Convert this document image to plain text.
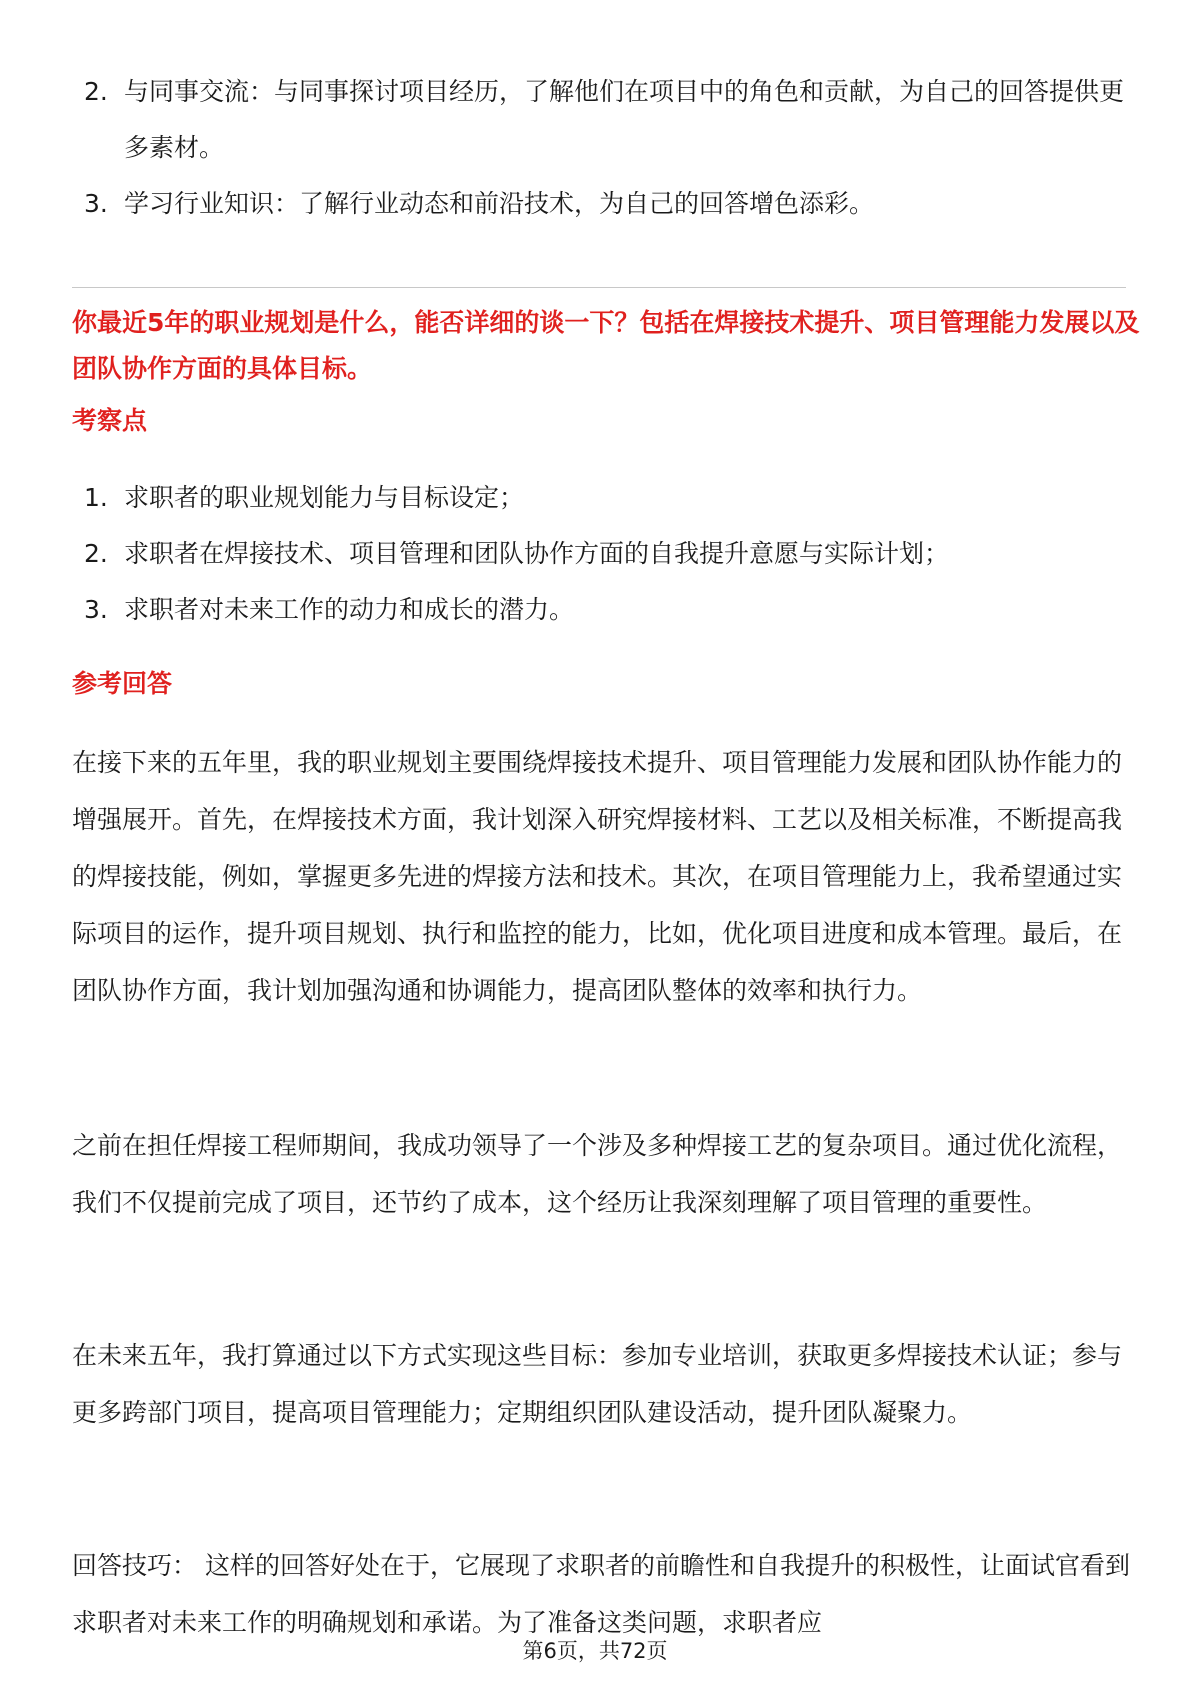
2. 与同事交流：与同事探讨项目经历，了解他们在项目中的角色和贡献，为自己的回答提供更多素材。
3. 学习行业知识：了解行业动态和前沿技术，为自己的回答增色添彩。
你最近5年的职业规划是什么，能否详细的谈一下？包括在焊接技术提升、项目管理能力发展以及团队协作方面的具体目标。
考察点
1. 求职者的职业规划能力与目标设定；
2. 求职者在焊接技术、项目管理和团队协作方面的自我提升意愿与实际计划；
3. 求职者对未来工作的动力和成长的潜力。
参考回答

在接下来的五年里，我的职业规划主要围绕焊接技术提升、项目管理能力发展和团队协作能力的增强展开。首先，在焊接技术方面，我计划深入研究焊接材料、工艺以及相关标准，不断提高我的焊接技能，例如，掌握更多先进的焊接方法和技术。其次，在项目管理能力上，我希望通过实际项目的运作，提升项目规划、执行和监控的能力，比如，优化项目进度和成本管理。最后，在团队协作方面，我计划加强沟通和协调能力，提高团队整体的效率和执行力。

之前在担任焊接工程师期间，我成功领导了一个涉及多种焊接工艺的复杂项目。通过优化流程，我们不仅提前完成了项目，还节约了成本，这个经历让我深刻理解了项目管理的重要性。

在未来五年，我打算通过以下方式实现这些目标：参加专业培训，获取更多焊接技术认证；参与更多跨部门项目，提高项目管理能力；定期组织团队建设活动，提升团队凝聚力。

回答技巧： 这样的回答好处在于，它展现了求职者的前瞻性和自我提升的积极性，让面试官看到求职者对未来工作的明确规划和承诺。为了准备这类问题，求职者应

第6页，共72页
